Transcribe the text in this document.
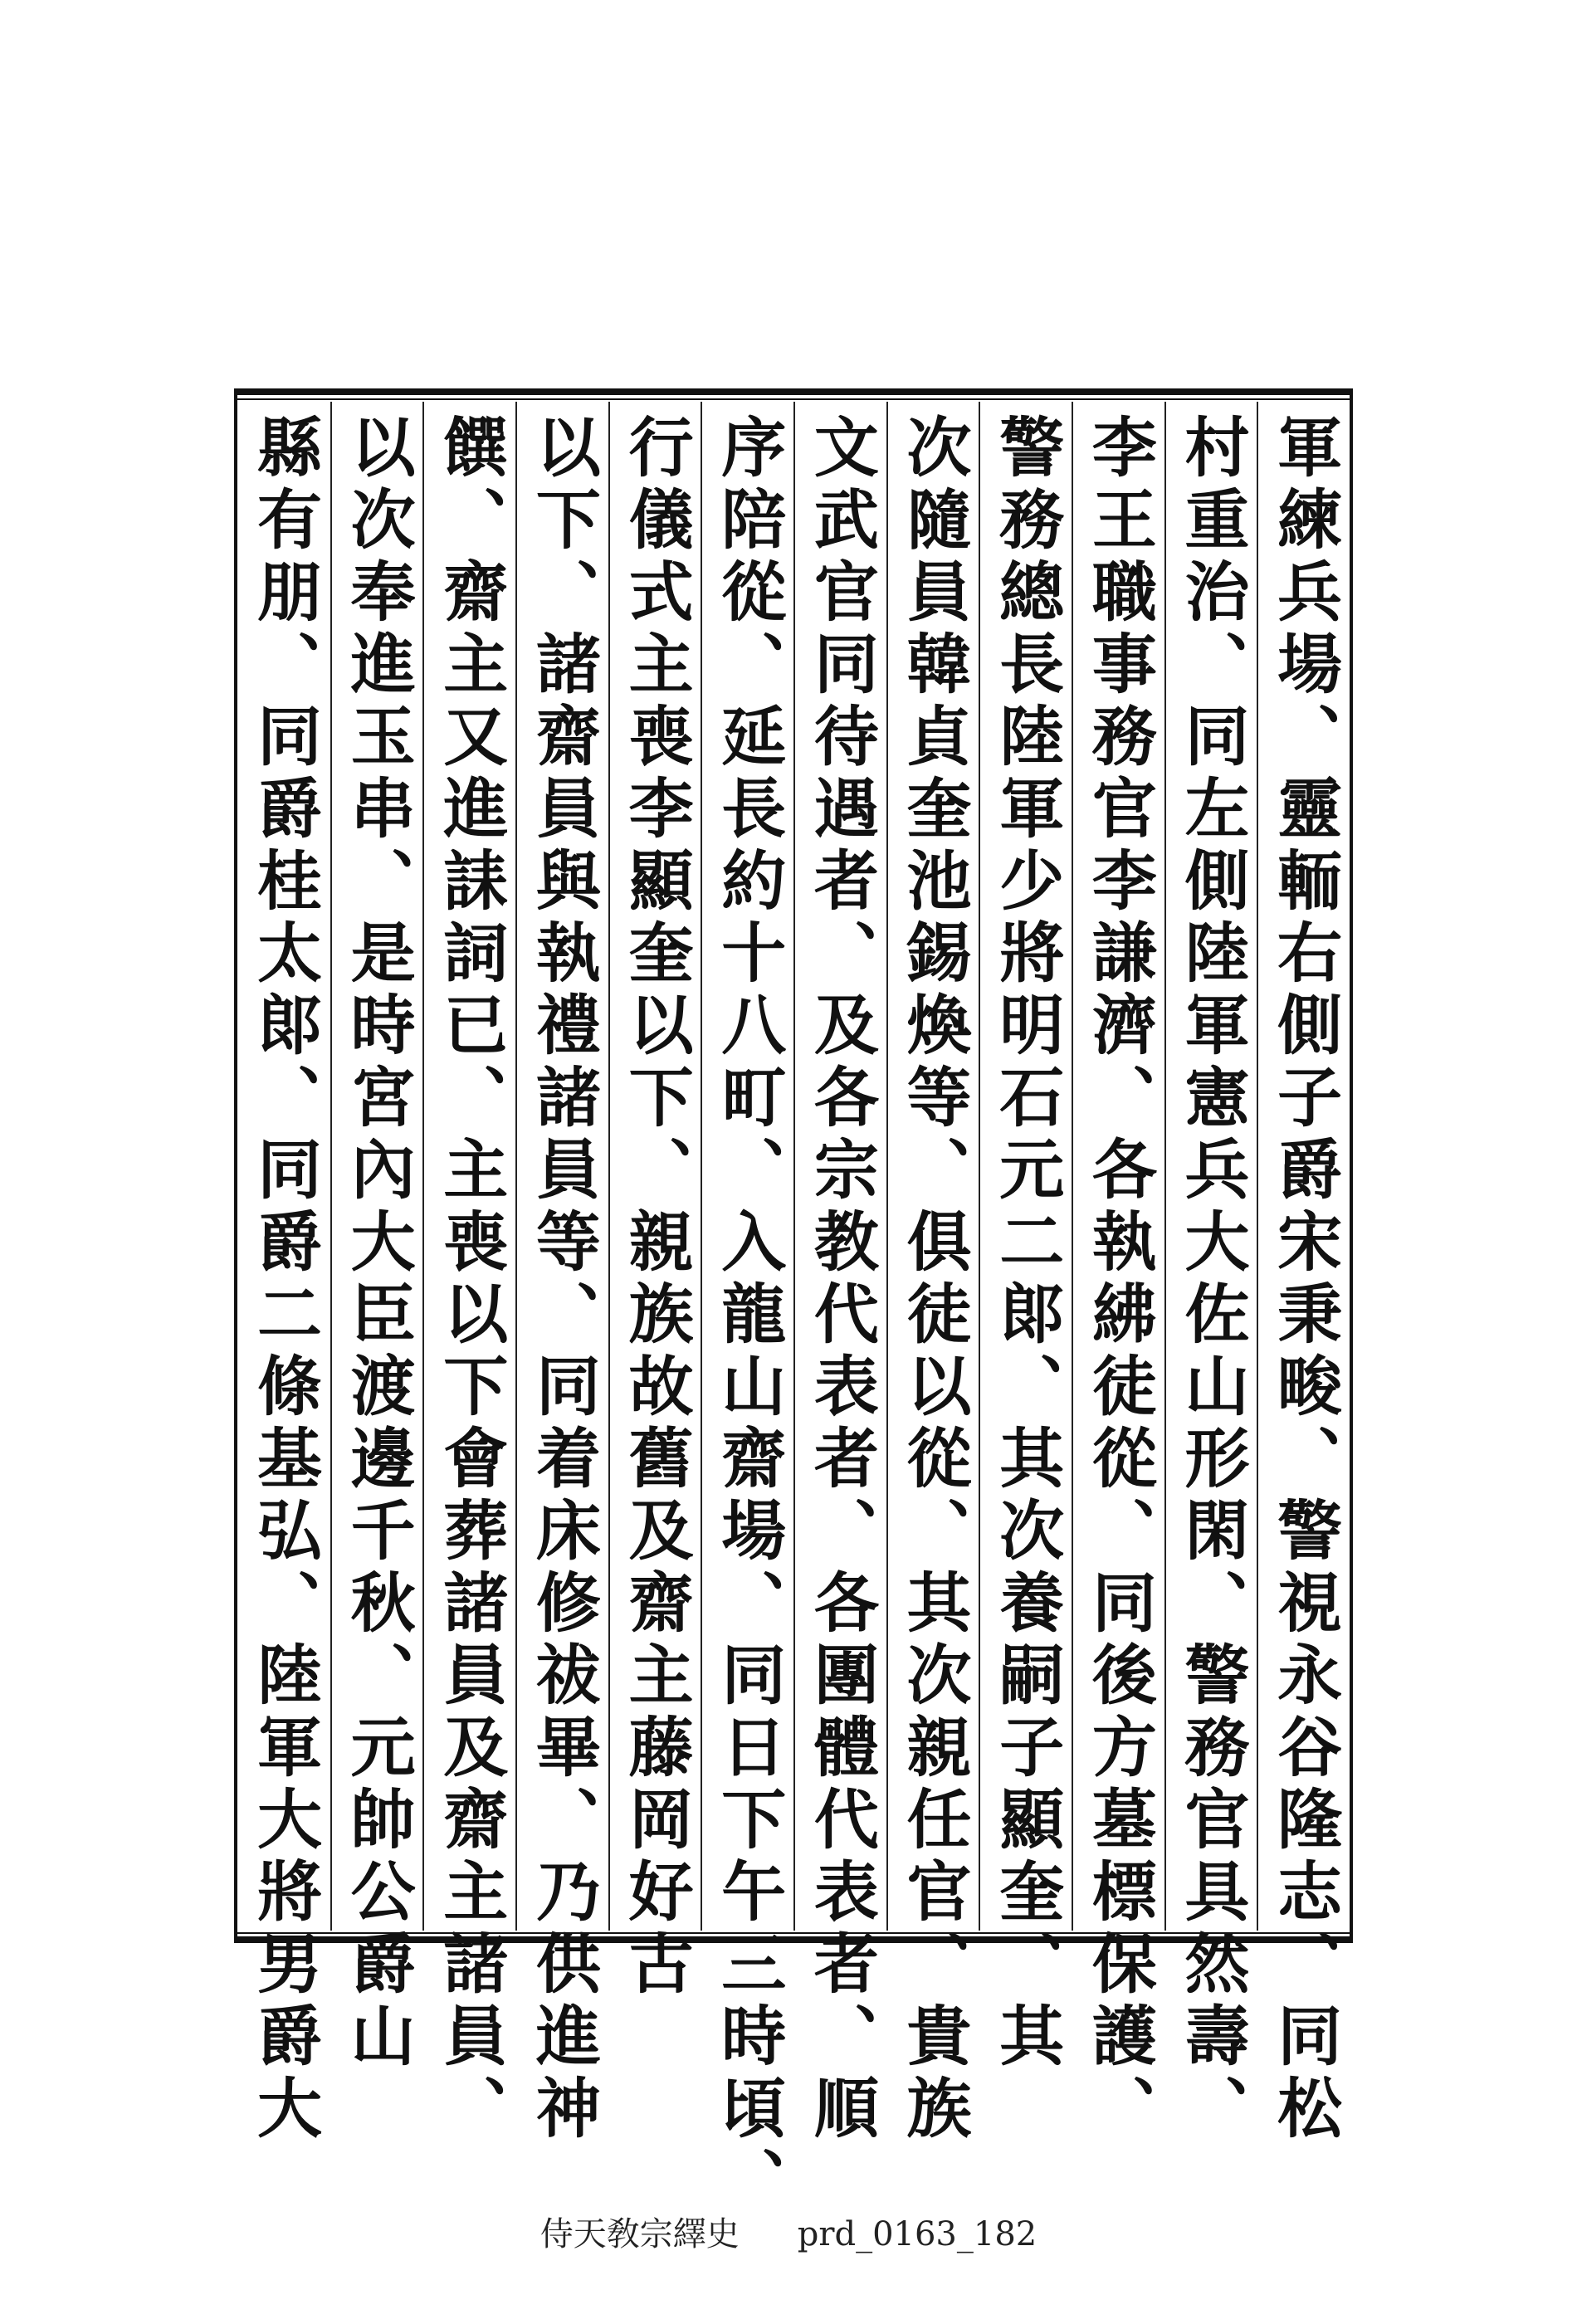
軍練兵場、靈輀右側子爵宋秉畯、警視永谷隆志、同松
村重治、同左側陸軍憲兵大佐山形閑、警務官具然壽、
李王職事務官李謙濟、各執紼徒從、同後方墓標保護、
警務總長陸軍少將明石元二郞、其次養嗣子顯奎、其
次隨員韓貞奎池錫煥等、俱徒以從、其次親任官、貴族
文武官同待遇者、及各宗教代表者、各團體代表者、順
序陪從、延長約十八町、入龍山齋場、同日下午三時頃、
行儀式主喪李顯奎以下、親族故舊及齋主藤岡好古
以下、諸齋員與執禮諸員等、同着床修祓畢、乃供進神
饌、齋主又進誄詞已、主喪以下會葬諸員及齋主諸員、
以次奉進玉串、是時宮內大臣渡邊千秋、元帥公爵山
縣有朋、同爵桂太郞、同爵二條基弘、陸軍大將男爵大
侍天敎宗繹史 prd_0163_182
